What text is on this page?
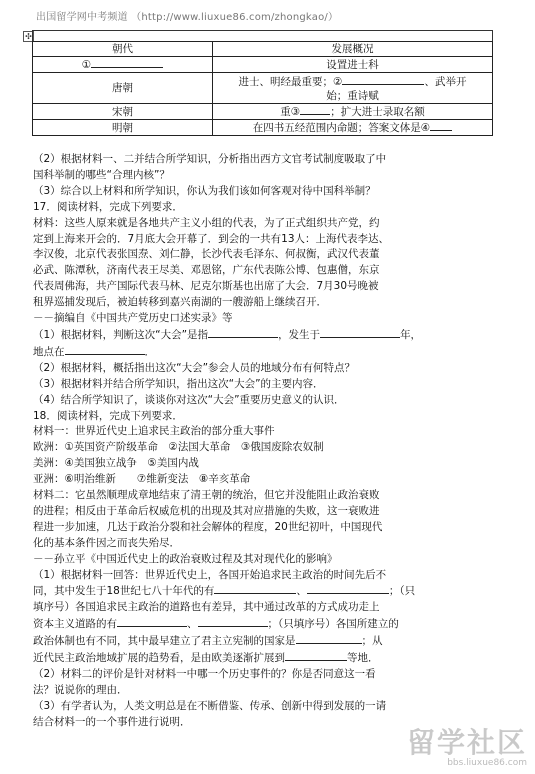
出国留学网中考频道 （http://www.liuxue86.com/zhongkao/）
✣
朝代	发展概况
①	设置进士科
唐朝	进士、明经最重要；② 、武举开
始；重诗赋

宋朝	重③ ；扩大进士录取名额
明朝	在四书五经范围内命题；答案文体是④

（2）根据材料一、二并结合所学知识，分析指出西方文官考试制度吸取了中

国科举制的哪些“合理内核”？

（3）综合以上材料和所学知识，你认为我们该如何客观对待中国科举制？

17．阅读材料，完成下列要求．

材料：这些人原来就是各地共产主义小组的代表，为了正式组织共产党，约

定到上海来开会的．7月底大会开幕了．到会的一共有13人：上海代表李达、

李汉俊，北京代表张国焘、刘仁静，长沙代表毛泽东、何叔衡，武汉代表董

必武、陈潭秋，济南代表王尽美、邓恩铭，广东代表陈公博、包惠僧，东京

代表周佛海，共产国际代表马林、尼克尔斯基也出席了大会．7月30号晚被

租界巡捕发现后，被迫转移到嘉兴南湖的一艘游船上继续召开．

－－摘编自《中国共产党历史口述实录》等

（1）根据材料，判断这次“大会”是指	，发生于	年，

地点在	．

（2）根据材料，概括指出这次“大会”参会人员的地域分布有何特点？

（3）根据材料并结合所学知识，指出这次“大会”的主要内容．

（4）结合所学知识了，谈谈你对这次“大会”重要历史意义的认识．

18．阅读材料，完成下列要求．

材料一：世界近代史上追求民主政治的部分重大事件

欧洲：①英国资产阶级革命　②法国大革命　③俄国废除农奴制

美洲：④美国独立战争　⑤美国内战

亚洲：⑥明治维新　　⑦维新变法　⑧辛亥革命

材料二：它虽然顺理成章地结束了清王朝的统治，但它并没能阻止政治衰败

的进程；相反由于革命后权威危机的出现及其对应措施的失败，这一衰败进

程进一步加速，几达于政治分裂和社会解体的程度，20世纪初叶，中国现代

化的基本条件因之而丧失殆尽．

－－孙立平《中国近代史上的政治衰败过程及其对现代化的影响》

（1）根据材料一回答：世界近代史上，各国开始追求民主政治的时间先后不

同，其中发生于18世纪七八十年代的有	、	；（只

填序号）各国追求民主政治的道路也有差异，其中通过改革的方式成功走上

资本主义道路的有	、	；（只填序号）各国所建立的

政治体制也有不同，其中最早建立了君主立宪制的国家是	；从

近代民主政治地域扩展的趋势看，是由欧美逐渐扩展到	等地．

（2）材料二的评价是针对材料一中哪一个历史事件的？你是否同意这一看

法？说说你的理由．

（3）有学者认为，人类文明总是在不断借鉴、传承、创新中得到发展的一请

结合材料一的一个事件进行说明．

留学社区
bbs.liuxue86.com
